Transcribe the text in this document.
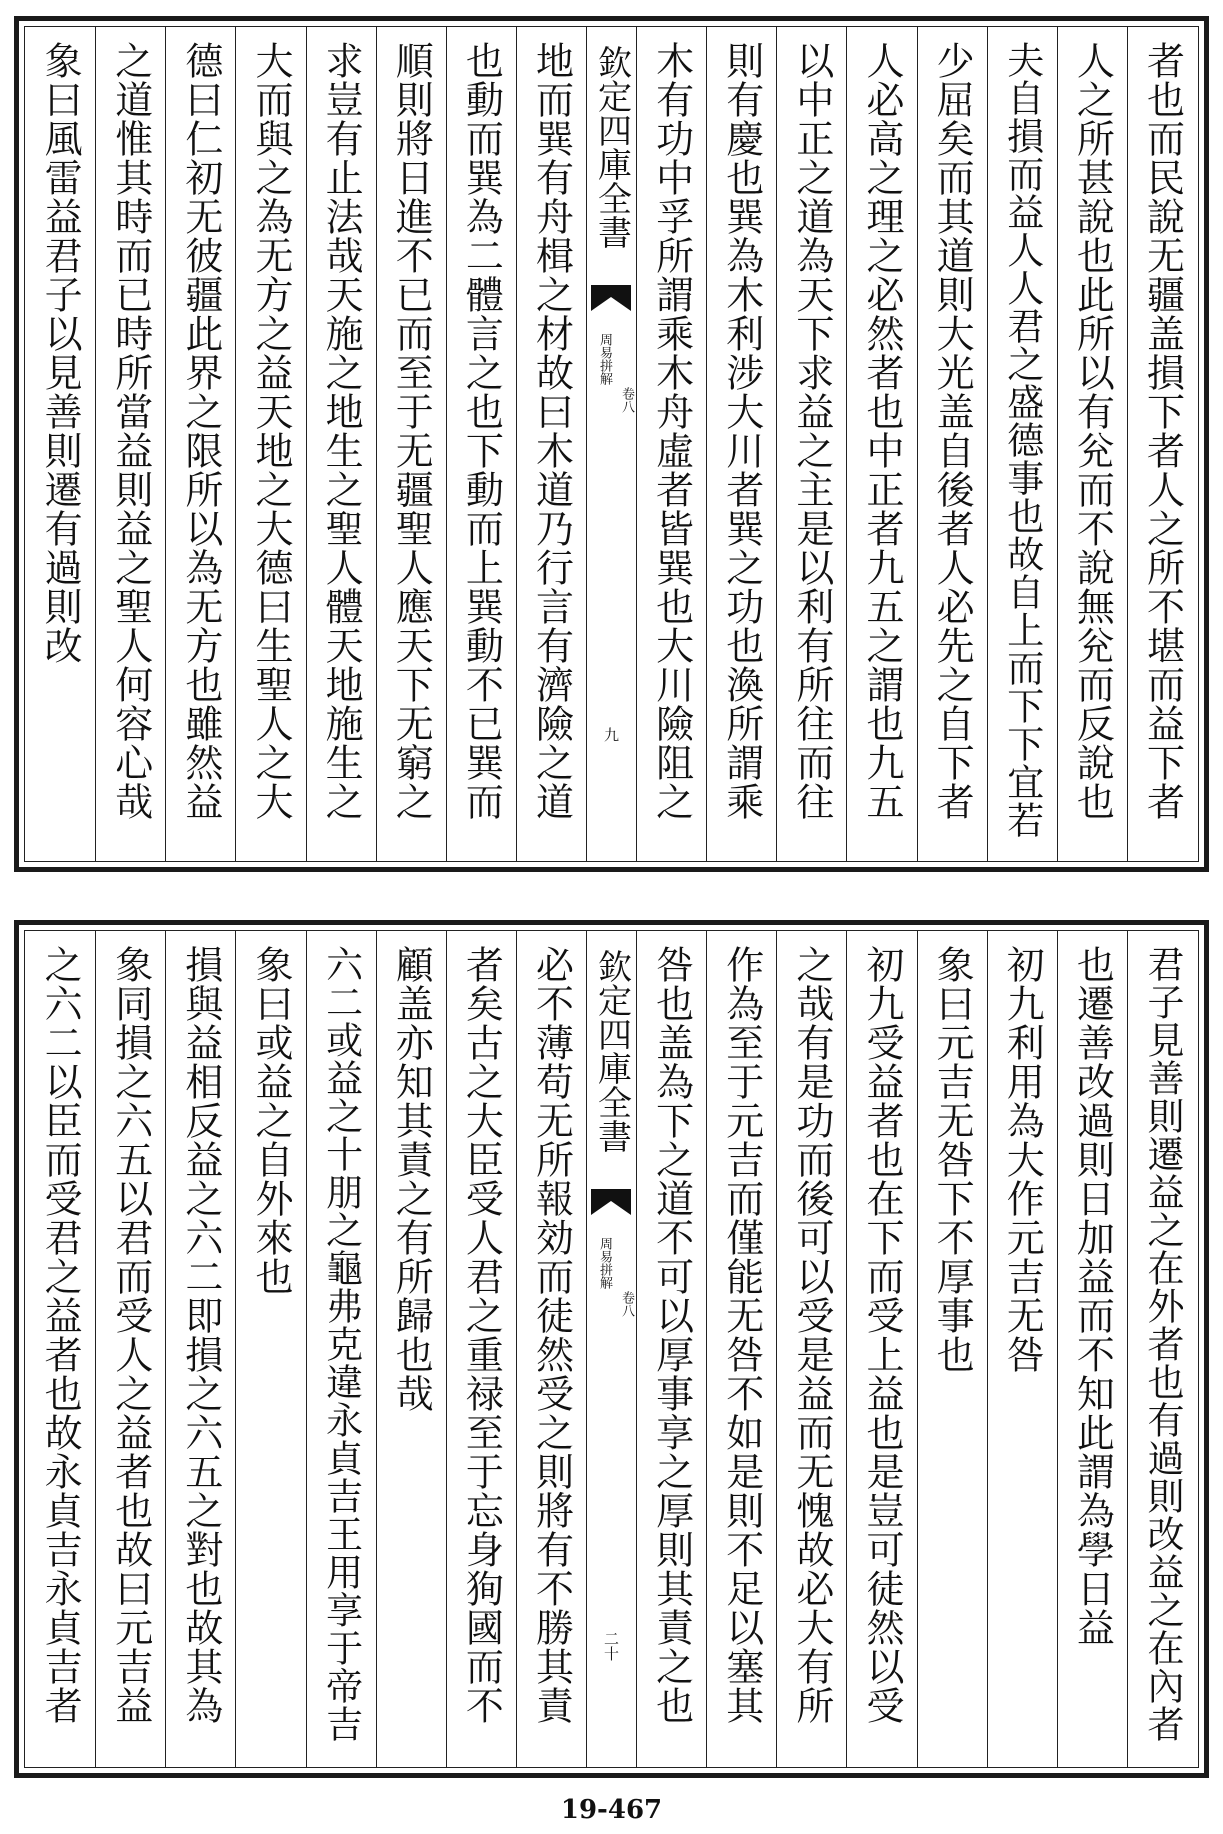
象曰風雷益君子以見善則遷有過則改 之道惟其時而已時所當益則益之聖人何容心哉 德曰仁初无彼疆此界之限所以為无方也雖然益 大而與之為无方之益天地之大德曰生聖人之大 求豈有止法哉天施之地生之聖人體天地施生之 順則將日進不已而至于无疆聖人應天下无窮之 也動而巽為二體言之也下動而上巽動不已巽而 地而巽有舟楫之材故曰木道乃行言有濟險之道 欽定四庫全書
周易拼解
卷八
九 木有功中孚所謂乘木舟虛者皆巽也大川險阻之 則有慶也巽為木利涉大川者巽之功也渙所謂乘 以中正之道為天下求益之主是以利有所往而往 人必高之理之必然者也中正者九五之謂也九五 少屈矣而其道則大光盖自後者人必先之自下者 夫自損而益人人君之盛德事也故自上而下下宜若 人之所甚說也此所以有兊而不說無兊而反說也 者也而民說无疆盖損下者人之所不堪而益下者
之六二以臣而受君之益者也故永貞吉永貞吉者 象同損之六五以君而受人之益者也故曰元吉益 損與益相反益之六二即損之六五之對也故其為 象曰或益之自外來也 六二或益之十朋之龜弗克違永貞吉王用享于帝吉 顧盖亦知其責之有所歸也哉 者矣古之大臣受人君之重禄至于忘身狥國而不 必不薄苟无所報効而徒然受之則將有不勝其責 欽定四庫全書
周易拼解
卷八
二十 咎也盖為下之道不可以厚事享之厚則其責之也 作為至于元吉而僅能无咎不如是則不足以塞其 之哉有是功而後可以受是益而无愧故必大有所 初九受益者也在下而受上益也是豈可徒然以受 象曰元吉无咎下不厚事也 初九利用為大作元吉无咎 也遷善改過則日加益而不知此謂為學日益 君子見善則遷益之在外者也有過則改益之在內者
19-467
